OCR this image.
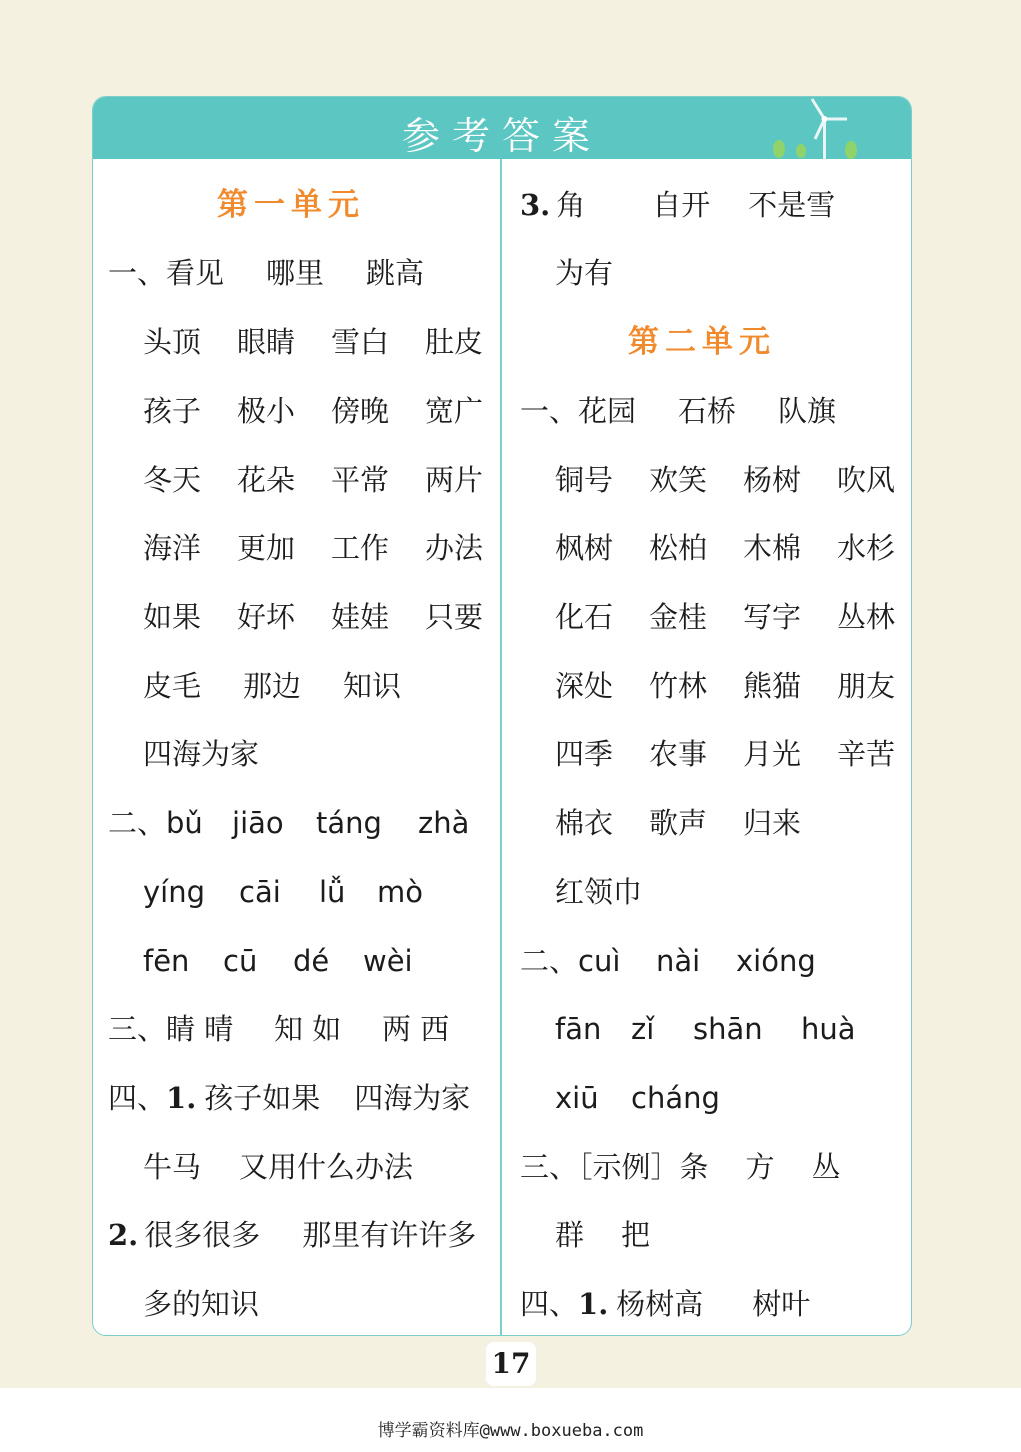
参考答案
第一单元
一、看见 哪里 跳高
头顶 眼睛 雪白 肚皮
孩子 极小 傍晚 宽广
冬天 花朵 平常 两片
海洋 更加 工作 办法
如果 好坏 娃娃 只要
皮毛 那边 知识
四海为家
二、bǔ jiāo táng zhà
yíng cāi lǚ mò
fēn cū dé wèi
三、睛 晴 知 如 两 西
四、1. 孩子如果 四海为家
牛马 又用什么办法
2. 很多很多 那里有许许多
多的知识
3. 角 自开 不是雪
为有
第二单元
一、花园 石桥 队旗
铜号 欢笑 杨树 吹风
枫树 松柏 木棉 水杉
化石 金桂 写字 丛林
深处 竹林 熊猫 朋友
四季 农事 月光 辛苦
棉衣 歌声 归来
红领巾
二、cuì nài xióng
fān zǐ shān huà
xiū cháng
三、［示例］条 方 丛
群 把
四、1. 杨树高 树叶
17
博学霸资料库@www.boxueba.com
